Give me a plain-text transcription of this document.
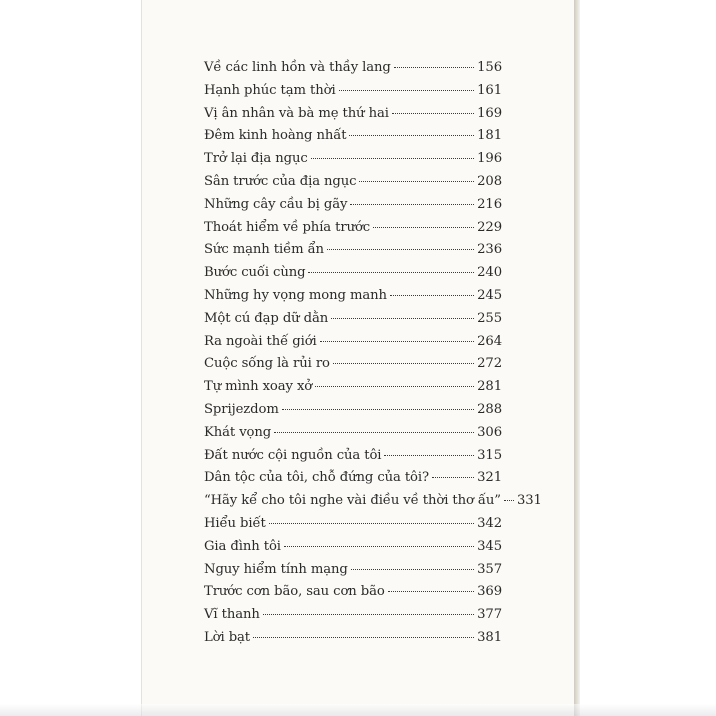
Về các linh hồn và thầy lang	156
Hạnh phúc tạm thời	161
Vị ân nhân và bà mẹ thứ hai	169
Đêm kinh hoàng nhất	181
Trở lại địa ngục	196
Sân trước của địa ngục	208
Những cây cầu bị gãy	216
Thoát hiểm về phía trước	229
Sức mạnh tiềm ẩn	236
Bước cuối cùng	240
Những hy vọng mong manh	245
Một cú đạp dữ dằn	255
Ra ngoài thế giới	264
Cuộc sống là rủi ro	272
Tự mình xoay xở	281
Sprijezdom	288
Khát vọng	306
Đất nước cội nguồn của tôi	315
Dân tộc của tôi, chỗ đứng của tôi?	321
“Hãy kể cho tôi nghe vài điều về thời thơ ấu” 331
Hiểu biết	342
Gia đình tôi	345
Nguy hiểm tính mạng	357
Trước cơn bão, sau cơn bão	369
Vĩ thanh	377
Lời bạt	381
